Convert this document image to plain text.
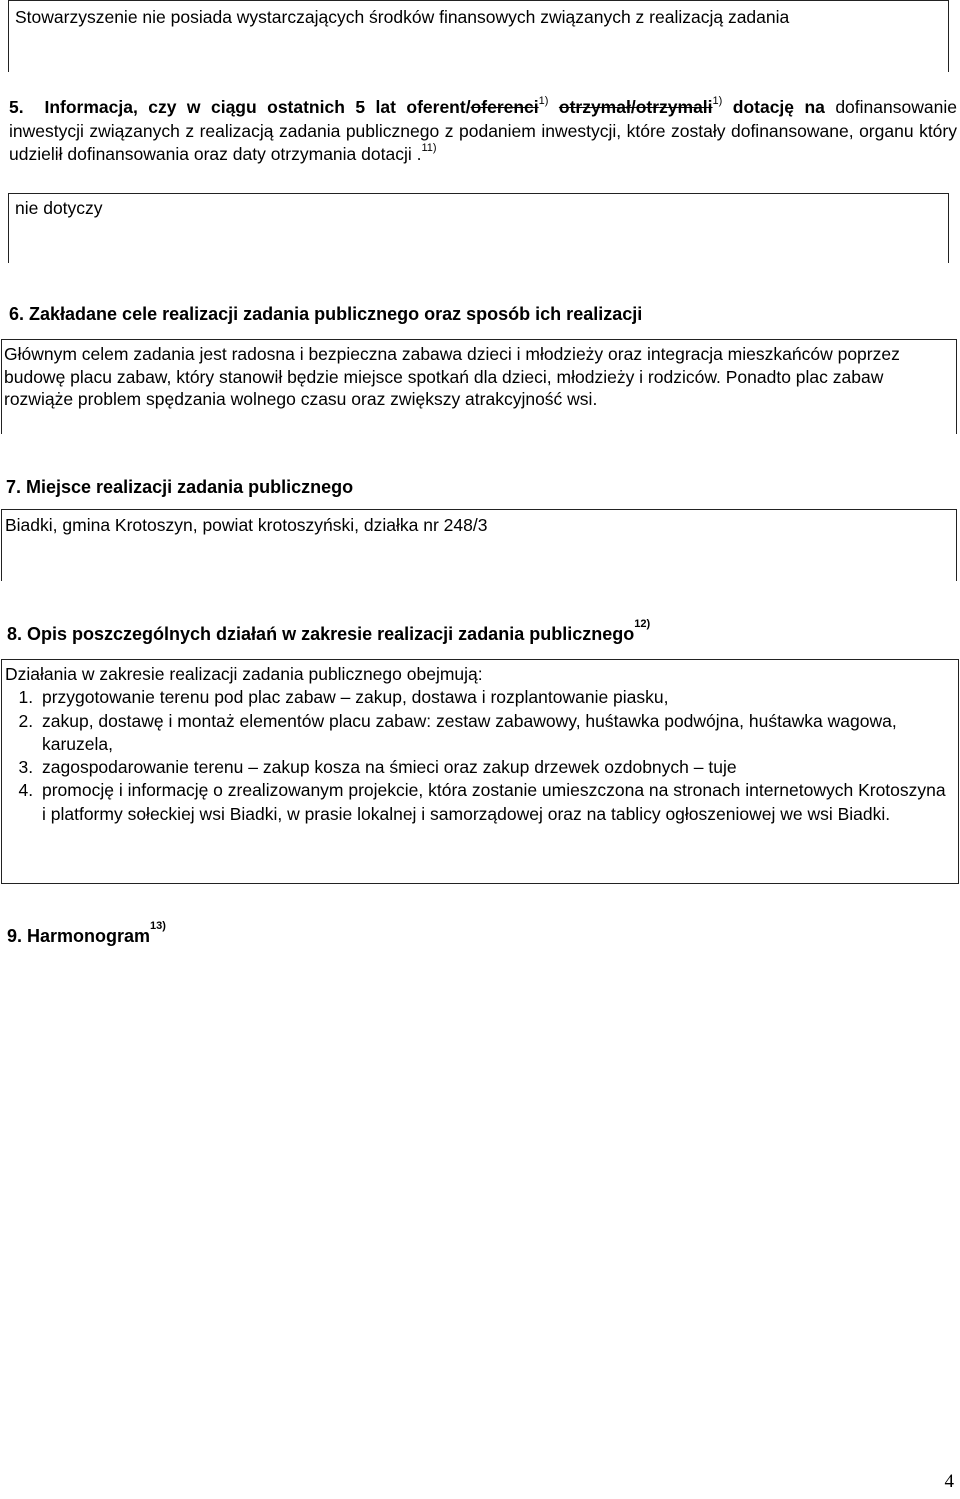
Stowarzyszenie nie posiada wystarczających środków finansowych związanych z realizacją zadania
5. Informacja, czy w ciągu ostatnich 5 lat oferent/oferenci$^{1)}$ otrzymał/otrzymali$^{1)}$ dotację na dofinansowanie inwestycji związanych z realizacją zadania publicznego z podaniem inwestycji, które zostały dofinansowane, organu który udzielił dofinansowania oraz daty otrzymania dotacji .$^{11)}$
nie dotyczy
6. Zakładane cele realizacji zadania publicznego oraz sposób ich realizacji
Głównym celem zadania jest radosna i bezpieczna zabawa dzieci i młodzieży oraz integracja mieszkańców poprzez budowę placu zabaw, który stanowił będzie miejsce spotkań dla dzieci, młodzieży i rodziców. Ponadto plac zabaw rozwiąże problem spędzania wolnego czasu oraz zwiększy atrakcyjność wsi.
7. Miejsce realizacji zadania publicznego
Biadki, gmina Krotoszyn, powiat krotoszyński, działka nr 248/3
8. Opis poszczególnych działań w zakresie realizacji zadania publicznego$^{12)}$
Działania w zakresie realizacji zadania publicznego obejmują:
1. przygotowanie terenu pod plac zabaw – zakup, dostawa i rozplantowanie piasku,
2. zakup, dostawę i montaż elementów placu zabaw: zestaw zabawowy, huśtawka podwójna, huśtawka wagowa, karuzela,
3. zagospodarowanie terenu – zakup kosza na śmieci oraz zakup drzewek ozdobnych – tuje
4. promocję i informację o zrealizowanym projekcie, która zostanie umieszczona na stronach internetowych Krotoszyna i platformy sołeckiej wsi Biadki, w prasie lokalnej i samorządowej oraz na tablicy ogłoszeniowej we wsi Biadki.
9. Harmonogram$^{13)}$
4
